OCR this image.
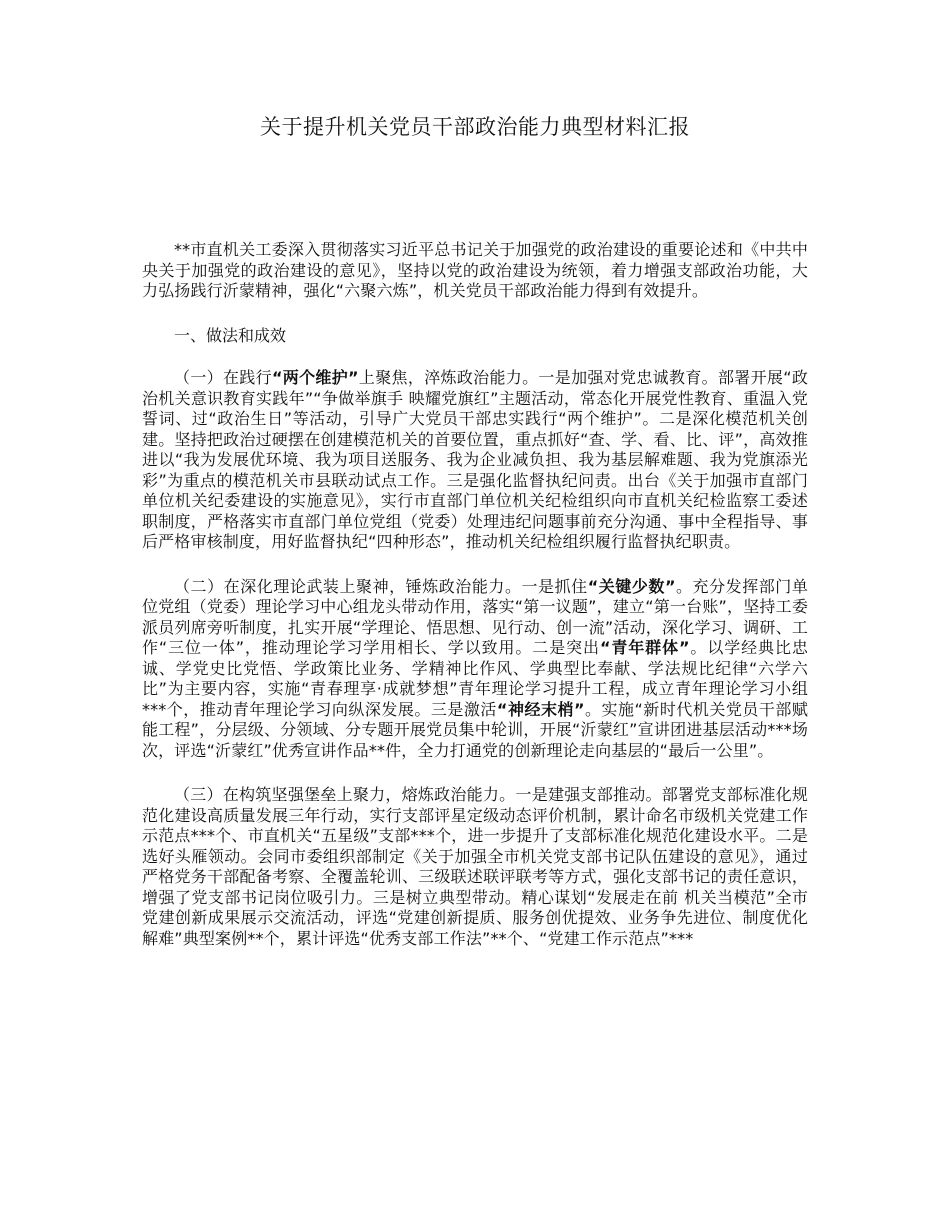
关于提升机关党员干部政治能力典型材料汇报

**市直机关工委深入贯彻落实习近平总书记关于加强党的政治建设的重要论述和《中共中央关于加强党的政治建设的意见》，坚持以党的政治建设为统领，着力增强支部政治功能，大力弘扬践行沂蒙精神，强化“六聚六炼”，机关党员干部政治能力得到有效提升。

一、做法和成效

（一）在践行“两个维护”上聚焦，淬炼政治能力。一是加强对党忠诚教育。部署开展“政治机关意识教育实践年”“争做举旗手 映耀党旗红”主题活动，常态化开展党性教育、重温入党誓词、过“政治生日”等活动，引导广大党员干部忠实践行“两个维护”。二是深化模范机关创建。坚持把政治过硬摆在创建模范机关的首要位置，重点抓好“查、学、看、比、评”，高效推进以“我为发展优环境、我为项目送服务、我为企业减负担、我为基层解难题、我为党旗添光彩”为重点的模范机关市县联动试点工作。三是强化监督执纪问责。出台《关于加强市直部门单位机关纪委建设的实施意见》，实行市直部门单位机关纪检组织向市直机关纪检监察工委述职制度，严格落实市直部门单位党组（党委）处理违纪问题事前充分沟通、事中全程指导、事后严格审核制度，用好监督执纪“四种形态”，推动机关纪检组织履行监督执纪职责。

（二）在深化理论武装上聚神，锤炼政治能力。一是抓住“关键少数”。充分发挥部门单位党组（党委）理论学习中心组龙头带动作用，落实“第一议题”，建立“第一台账”，坚持工委派员列席旁听制度，扎实开展“学理论、悟思想、见行动、创一流”活动，深化学习、调研、工作“三位一体”，推动理论学习学用相长、学以致用。二是突出“青年群体”。以学经典比忠诚、学党史比党悟、学政策比业务、学精神比作风、学典型比奉献、学法规比纪律“六学六比”为主要内容，实施“青春理享·成就梦想”青年理论学习提升工程，成立青年理论学习小组***个，推动青年理论学习向纵深发展。三是激活“神经末梢”。实施“新时代机关党员干部赋能工程”，分层级、分领域、分专题开展党员集中轮训，开展“沂蒙红”宣讲团进基层活动***场次，评选“沂蒙红”优秀宣讲作品**件，全力打通党的创新理论走向基层的“最后一公里”。

（三）在构筑坚强堡垒上聚力，熔炼政治能力。一是建强支部推动。部署党支部标准化规范化建设高质量发展三年行动，实行支部评星定级动态评价机制，累计命名市级机关党建工作示范点***个、市直机关“五星级”支部***个，进一步提升了支部标准化规范化建设水平。二是选好头雁领动。会同市委组织部制定《关于加强全市机关党支部书记队伍建设的意见》，通过严格党务干部配备考察、全覆盖轮训、三级联述联评联考等方式，强化支部书记的责任意识，增强了党支部书记岗位吸引力。三是树立典型带动。精心谋划“发展走在前 机关当模范”全市党建创新成果展示交流活动，评选“党建创新提质、服务创优提效、业务争先进位、制度优化解难”典型案例**个，累计评选“优秀支部工作法”**个、“党建工作示范点”***
